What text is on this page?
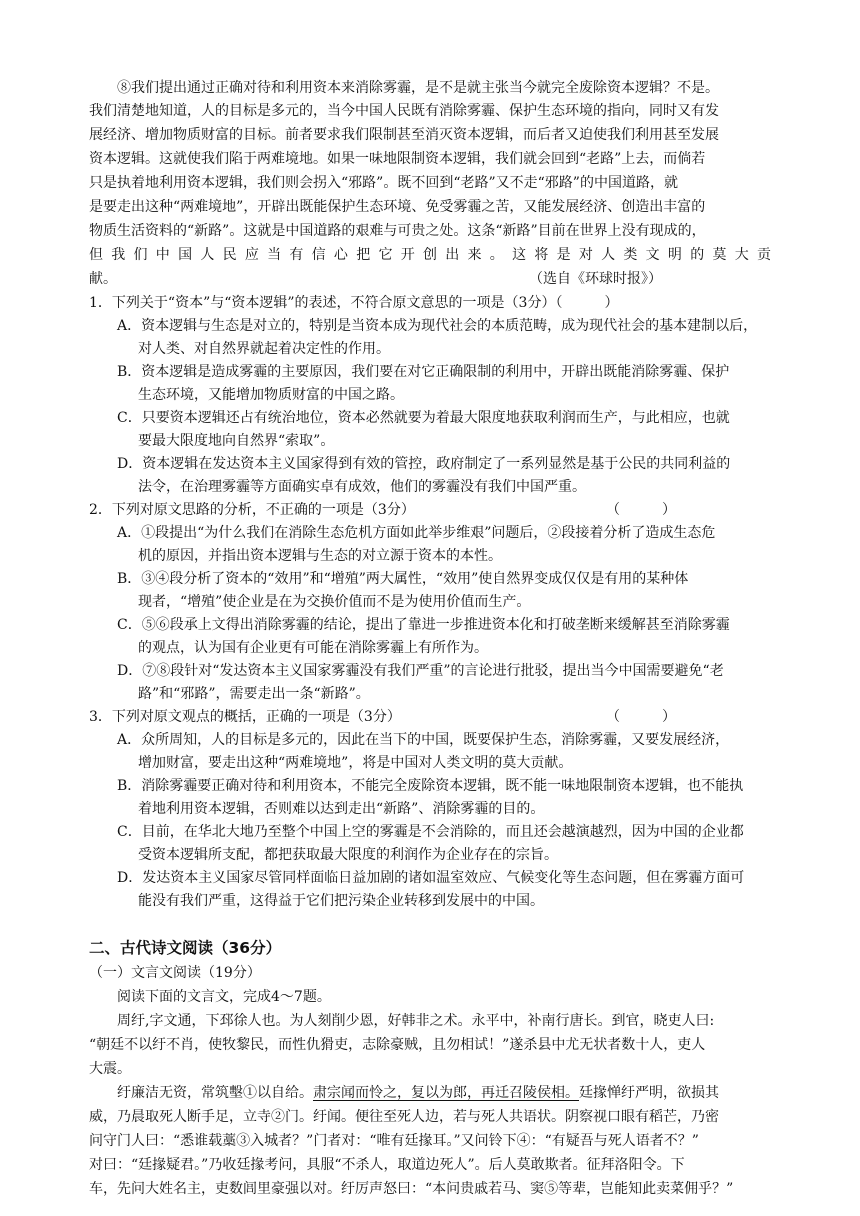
⑧我们提出通过正确对待和利用资本来消除雾霾，是不是就主张当今就完全废除资本逻辑？不是。
我们清楚地知道，人的目标是多元的，当今中国人民既有消除雾霾、保护生态环境的指向，同时又有发
展经济、增加物质财富的目标。前者要求我们限制甚至消灭资本逻辑，而后者又迫使我们利用甚至发展
资本逻辑。这就使我们陷于两难境地。如果一味地限制资本逻辑，我们就会回到“老路”上去，而倘若
只是执着地利用资本逻辑，我们则会拐入“邪路”。既不回到“老路”又不走“邪路”的中国道路，就
是要走出这种“两难境地”，开辟出既能保护生态环境、免受雾霾之苦，又能发展经济、创造出丰富的
物质生活资料的“新路”。这就是中国道路的艰难与可贵之处。这条“新路”目前在世界上没有现成的，
但我们中国人民应当有信心把它开创出来。这将是对人类文明的莫大贡
献。	（选自《环球时报》）
1．下列关于“资本”与“资本逻辑”的表述，不符合原文意思的一项是（3分）（　　　）
A．资本逻辑与生态是对立的，特别是当资本成为现代社会的本质范畴，成为现代社会的基本建制以后，
对人类、对自然界就起着决定性的作用。
B．资本逻辑是造成雾霾的主要原因，我们要在对它正确限制的利用中，开辟出既能消除雾霾、保护
生态环境，又能增加物质财富的中国之路。
C．只要资本逻辑还占有统治地位，资本必然就要为着最大限度地获取利润而生产，与此相应，也就
要最大限度地向自然界“索取”。
D．资本逻辑在发达资本主义国家得到有效的管控，政府制定了一系列显然是基于公民的共同利益的
法令，在治理雾霾等方面确实卓有成效，他们的雾霾没有我们中国严重。
2．下列对原文思路的分析，不正确的一项是（3分）	（　　　）
A．①段提出“为什么我们在消除生态危机方面如此举步维艰”问题后，②段接着分析了造成生态危
机的原因，并指出资本逻辑与生态的对立源于资本的本性。
B．③④段分析了资本的“效用”和“增殖”两大属性，“效用”使自然界变成仅仅是有用的某种体
现者，“增殖”使企业是在为交换价值而不是为使用价值而生产。
C．⑤⑥段承上文得出消除雾霾的结论，提出了靠进一步推进资本化和打破垄断来缓解甚至消除雾霾
的观点，认为国有企业更有可能在消除雾霾上有所作为。
D．⑦⑧段针对“发达资本主义国家雾霾没有我们严重”的言论进行批驳，提出当今中国需要避免“老
路”和“邪路”，需要走出一条“新路”。
3．下列对原文观点的概括，正确的一项是（3分）	（　　　）
A．众所周知，人的目标是多元的，因此在当下的中国，既要保护生态，消除雾霾，又要发展经济，
增加财富，要走出这种“两难境地”，将是中国对人类文明的莫大贡献。
B．消除雾霾要正确对待和利用资本，不能完全废除资本逻辑，既不能一味地限制资本逻辑，也不能执
着地利用资本逻辑，否则难以达到走出“新路”、消除雾霾的目的。
C．目前，在华北大地乃至整个中国上空的雾霾是不会消除的，而且还会越演越烈，因为中国的企业都
受资本逻辑所支配，都把获取最大限度的利润作为企业存在的宗旨。
D．发达资本主义国家尽管同样面临日益加剧的诸如温室效应、气候变化等生态问题，但在雾霾方面可
能没有我们严重，这得益于它们把污染企业转移到发展中的中国。
二、古代诗文阅读（36分）
（一）文言文阅读（19分）
阅读下面的文言文，完成4～7题。
周纡,字文通，下邳徐人也。为人刻削少恩，好韩非之术。永平中，补南行唐长。到官，晓吏人曰:
“朝廷不以纡不肖，使牧黎民，而性仇猾吏，志除豪贼，且勿相试！”遂杀县中尤无状者数十人，吏人
大震。
纡廉洁无资，常筑墼①以自给。肃宗闻而怜之，复以为郎，再迁召陵侯相。廷掾惮纡严明，欲损其
威，乃晨取死人断手足，立寺②门。纡闻。便往至死人边，若与死人共语状。阴察视口眼有稻芒，乃密
问守门人曰：“悉谁载藁③入城者？”门者对：“唯有廷掾耳。”又问铃下④：“有疑吾与死人语者不？”
对曰：“廷掾疑君。”乃收廷掾考问，具服“不杀人，取道边死人”。后人莫敢欺者。征拜洛阳令。下
车，先问大姓名主，吏数闾里豪强以对。纡厉声怒曰：“本问贵戚若马、窦⑤等辈，岂能知此卖菜佣乎？”
